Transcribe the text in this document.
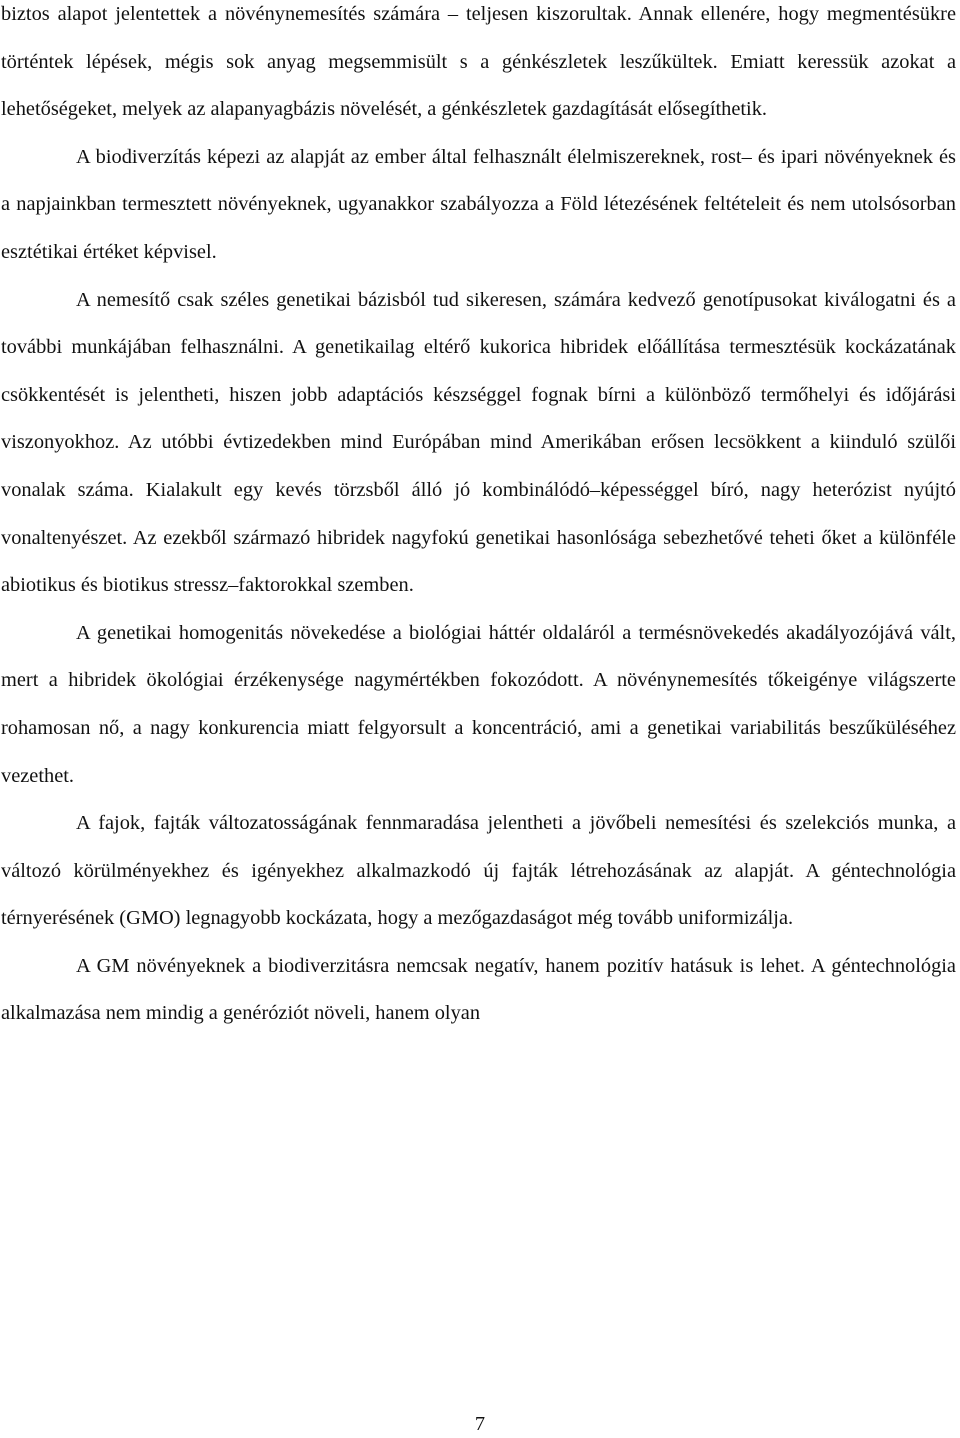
biztos alapot jelentettek a növénynemesítés számára – teljesen kiszorultak. Annak ellenére, hogy megmentésükre történtek lépések, mégis sok anyag megsemmisült s a génkészletek leszűkültek. Emiatt keressük azokat a lehetőségeket, melyek az alapanyagbázis növelését, a génkészletek gazdagítását elősegíthetik.

A biodiverzítás képezi az alapját az ember által felhasznált élelmiszereknek, rost– és ipari növényeknek és a napjainkban termesztett növényeknek, ugyanakkor szabályozza a Föld létezésének feltételeit és nem utolsósorban esztétikai értéket képvisel.

A nemesítő csak széles genetikai bázisból tud sikeresen, számára kedvező genotípusokat kiválogatni és a további munkájában felhasználni. A genetikailag eltérő kukorica hibridek előállítása termesztésük kockázatának csökkentését is jelentheti, hiszen jobb adaptációs készséggel fognak bírni a különböző termőhelyi és időjárási viszonyokhoz. Az utóbbi évtizedekben mind Európában mind Amerikában erősen lecsökkent a kiinduló szülői vonalak száma. Kialakult egy kevés törzsből álló jó kombinálódó–képességgel bíró, nagy heterózist nyújtó vonaltenyészet. Az ezekből származó hibridek nagyfokú genetikai hasonlósága sebezhetővé teheti őket a különféle abiotikus és biotikus stressz–faktorokkal szemben.

A genetikai homogenitás növekedése a biológiai háttér oldaláról a termésnövekedés akadályozójává vált, mert a hibridek ökológiai érzékenysége nagymértékben fokozódott. A növénynemesítés tőkeigénye világszerte rohamosan nő, a nagy konkurencia miatt felgyorsult a koncentráció, ami a genetikai variabilitás beszűküléséhez vezethet.

A fajok, fajták változatosságának fennmaradása jelentheti a jövőbeli nemesítési és szelekciós munka, a változó körülményekhez és igényekhez alkalmazkodó új fajták létrehozásának az alapját. A géntechnológia térnyerésének (GMO) legnagyobb kockázata, hogy a mezőgazdaságot még tovább uniformizálja.

A GM növényeknek a biodiverzitásra nemcsak negatív, hanem pozitív hatásuk is lehet. A géntechnológia alkalmazása nem mindig a genéróziót növeli, hanem olyan

7
